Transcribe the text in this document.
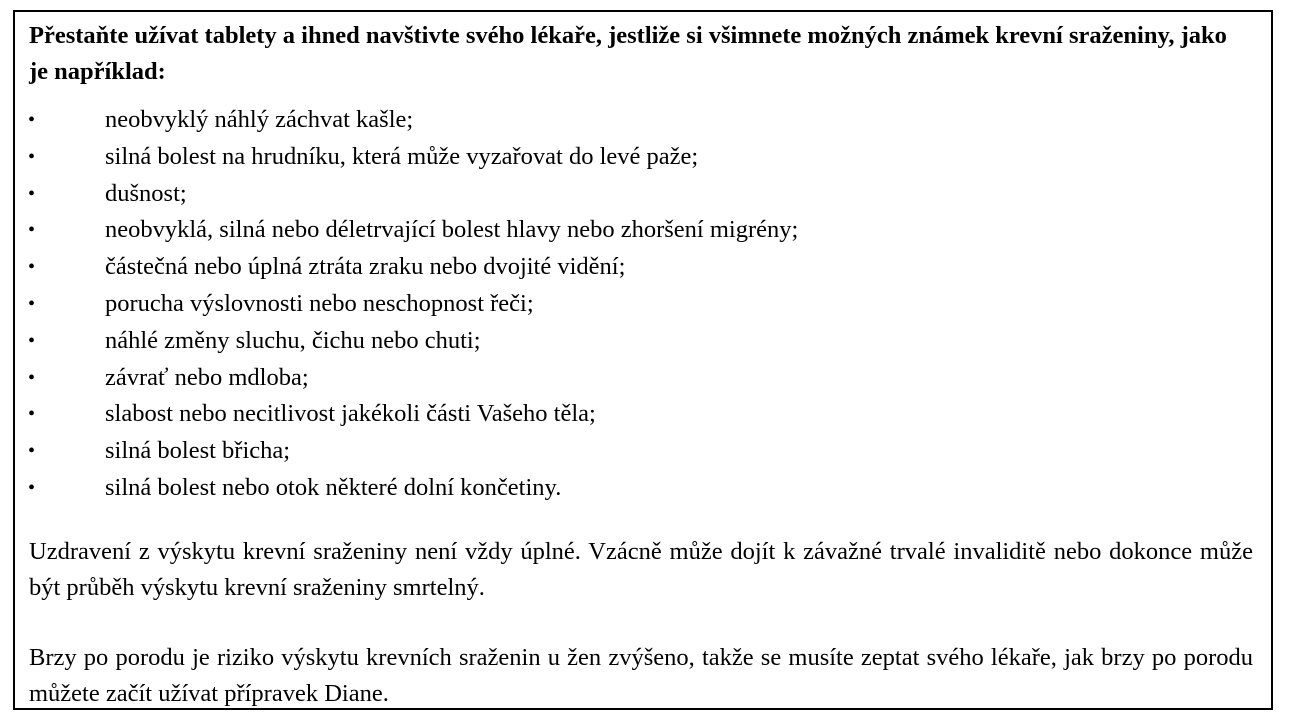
Přestaňte užívat tablety a ihned navštivte svého lékaře, jestliže si všimnete možných známek krevní sraženiny, jako je například:

•	neobvyklý náhlý záchvat kašle;
•	silná bolest na hrudníku, která může vyzařovat do levé paže;
•	dušnost;
•	neobvyklá, silná nebo déletrvající bolest hlavy nebo zhoršení migrény;
•	částečná nebo úplná ztráta zraku nebo dvojité vidění;
•	porucha výslovnosti nebo neschopnost řeči;
•	náhlé změny sluchu, čichu nebo chuti;
•	závrať nebo mdloba;
•	slabost nebo necitlivost jakékoli části Vašeho těla;
•	silná bolest břicha;
•	silná bolest nebo otok některé dolní končetiny.

Uzdravení z výskytu krevní sraženiny není vždy úplné. Vzácně může dojít k závažné trvalé invaliditě nebo dokonce může být průběh výskytu krevní sraženiny smrtelný.

Brzy po porodu je riziko výskytu krevních sraženin u žen zvýšeno, takže se musíte zeptat svého lékaře, jak brzy po porodu můžete začít užívat přípravek Diane.
